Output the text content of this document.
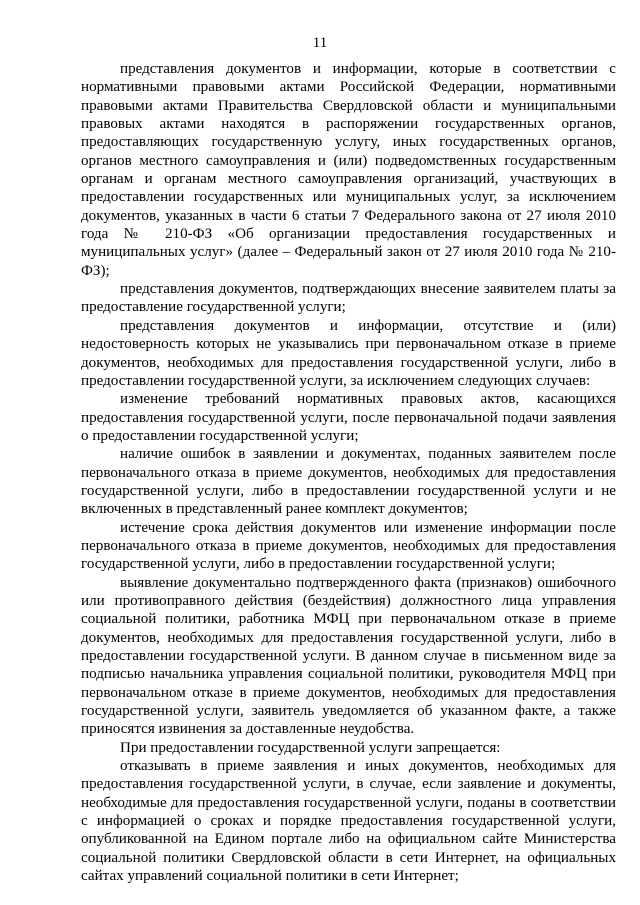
11

представления документов и информации, которые в соответствии с нормативными правовыми актами Российской Федерации, нормативными правовыми актами Правительства Свердловской области и муниципальными правовых актами находятся в распоряжении государственных органов, предоставляющих государственную услугу, иных государственных органов, органов местного самоуправления и (или) подведомственных государственным органам и органам местного самоуправления организаций, участвующих в предоставлении государственных или муниципальных услуг, за исключением документов, указанных в части 6 статьи 7 Федерального закона от 27 июля 2010 года № 210-ФЗ «Об организации предоставления государственных и муниципальных услуг» (далее – Федеральный закон от 27 июля 2010 года № 210-ФЗ);

представления документов, подтверждающих внесение заявителем платы за предоставление государственной услуги;

представления документов и информации, отсутствие и (или) недостоверность которых не указывались при первоначальном отказе в приеме документов, необходимых для предоставления государственной услуги, либо в предоставлении государственной услуги, за исключением следующих случаев:

изменение требований нормативных правовых актов, касающихся предоставления государственной услуги, после первоначальной подачи заявления о предоставлении государственной услуги;

наличие ошибок в заявлении и документах, поданных заявителем после первоначального отказа в приеме документов, необходимых для предоставления государственной услуги, либо в предоставлении государственной услуги и не включенных в представленный ранее комплект документов;

истечение срока действия документов или изменение информации после первоначального отказа в приеме документов, необходимых для предоставления государственной услуги, либо в предоставлении государственной услуги;

выявление документально подтвержденного факта (признаков) ошибочного или противоправного действия (бездействия) должностного лица управления социальной политики, работника МФЦ при первоначальном отказе в приеме документов, необходимых для предоставления государственной услуги, либо в предоставлении государственной услуги. В данном случае в письменном виде за подписью начальника управления социальной политики, руководителя МФЦ при первоначальном отказе в приеме документов, необходимых для предоставления государственной услуги, заявитель уведомляется об указанном факте, а также приносятся извинения за доставленные неудобства.

При предоставлении государственной услуги запрещается:

отказывать в приеме заявления и иных документов, необходимых для предоставления государственной услуги, в случае, если заявление и документы, необходимые для предоставления государственной услуги, поданы в соответствии с информацией о сроках и порядке предоставления государственной услуги, опубликованной на Едином портале либо на официальном сайте Министерства социальной политики Свердловской области в сети Интернет, на официальных сайтах управлений социальной политики в сети Интернет;
